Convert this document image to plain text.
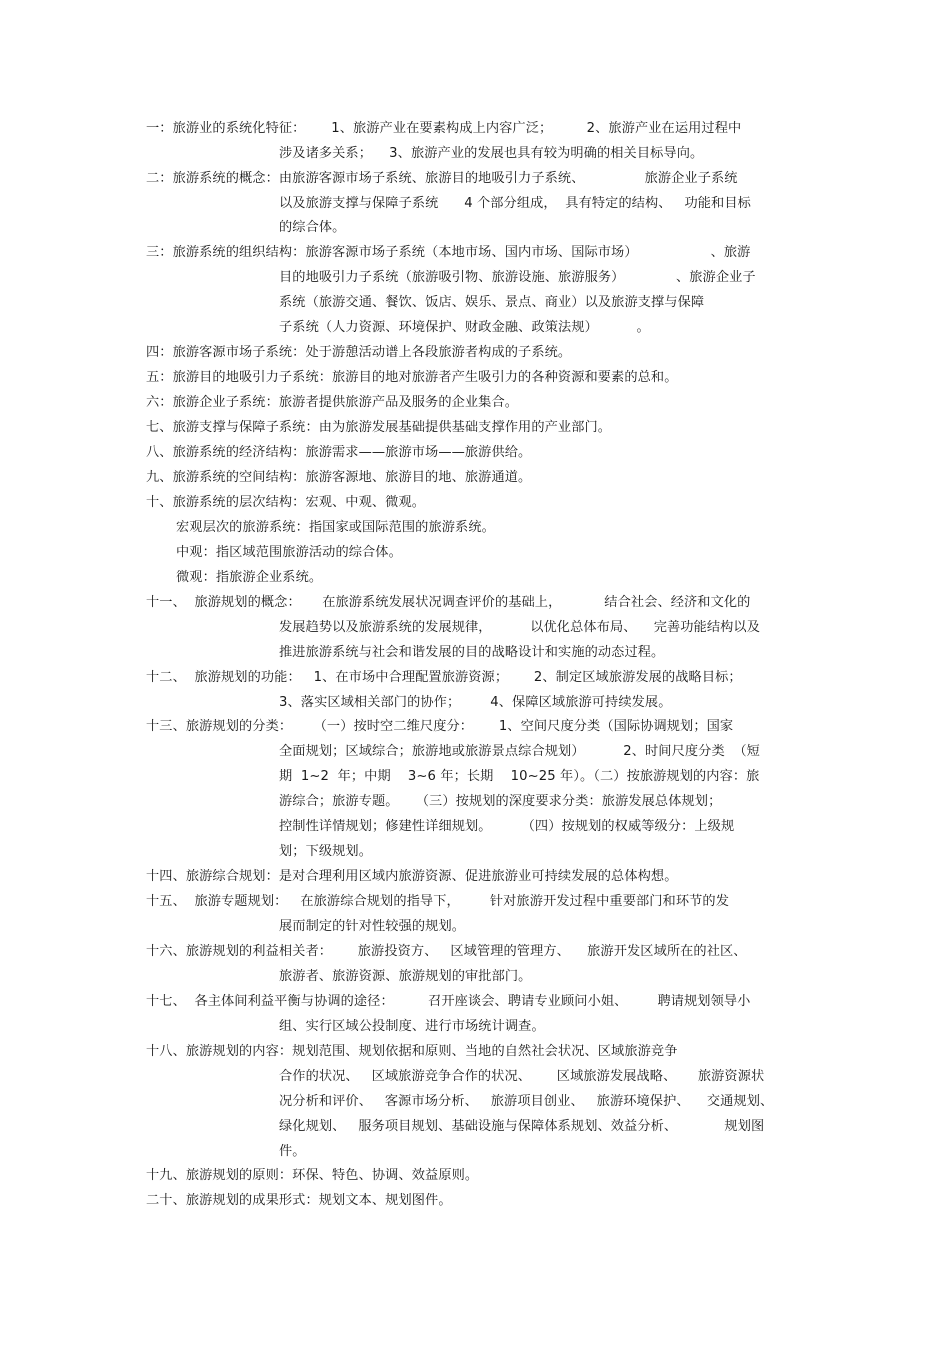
一：旅游业的系统化特征：      1、旅游产业在要素构成上内容广泛；        2、旅游产业在运用过程中
涉及诸多关系；    3、旅游产业的发展也具有较为明确的相关目标导向。
二：旅游系统的概念：由旅游客源市场子系统、旅游目的地吸引力子系统、              旅游企业子系统
以及旅游支撑与保障子系统      4 个部分组成，  具有特定的结构、   功能和目标
的综合体。
三：旅游系统的组织结构：旅游客源市场子系统（本地市场、国内市场、国际市场）                 、旅游
目的地吸引力子系统（旅游吸引物、旅游设施、旅游服务）            、旅游企业子
系统（旅游交通、餐饮、饭店、娱乐、景点、商业）以及旅游支撑与保障
子系统（人力资源、环境保护、财政金融、政策法规）         。
四：旅游客源市场子系统：处于游憩活动谱上各段旅游者构成的子系统。
五：旅游目的地吸引力子系统：旅游目的地对旅游者产生吸引力的各种资源和要素的总和。
六：旅游企业子系统：旅游者提供旅游产品及服务的企业集合。
七、旅游支撑与保障子系统：由为旅游发展基础提供基础支撑作用的产业部门。
八、旅游系统的经济结构：旅游需求——旅游市场——旅游供给。
九、旅游系统的空间结构：旅游客源地、旅游目的地、旅游通道。
十、旅游系统的层次结构：宏观、中观、微观。
宏观层次的旅游系统：指国家或国际范围的旅游系统。
中观：指区域范围旅游活动的综合体。
微观：指旅游企业系统。
十一、  旅游规划的概念：     在旅游系统发展状况调查评价的基础上，          结合社会、经济和文化的
发展趋势以及旅游系统的发展规律，         以优化总体布局、    完善功能结构以及
推进旅游系统与社会和谐发展的目的战略设计和实施的动态过程。
十二、  旅游规划的功能：   1、在市场中合理配置旅游资源；      2、制定区域旅游发展的战略目标；
3、落实区域相关部门的协作；       4、保障区域旅游可持续发展。
十三、旅游规划的分类：     （一）按时空二维尺度分：      1、空间尺度分类（国际协调规划；国家
全面规划；区域综合；旅游地或旅游景点综合规划）         2、时间尺度分类  （短
期  1~2  年；中期    3~6 年；长期    10~25 年）。（二）按旅游规划的内容：旅
游综合；旅游专题。    （三）按规划的深度要求分类：旅游发展总体规划；
控制性详情规划；修建性详细规划。       （四）按规划的权威等级分：上级规
划；下级规划。
十四、旅游综合规划：是对合理利用区域内旅游资源、促进旅游业可持续发展的总体构想。
十五、  旅游专题规划：   在旅游综合规划的指导下，       针对旅游开发过程中重要部门和环节的发
展而制定的针对性较强的规划。
十六、旅游规划的利益相关者：      旅游投资方、   区域管理的管理方、    旅游开发区域所在的社区、
旅游者、旅游资源、旅游规划的审批部门。
十七、  各主体间利益平衡与协调的途径：        召开座谈会、聘请专业顾问小姐、       聘请规划领导小
组、实行区域公投制度、进行市场统计调查。
十八、旅游规划的内容：规划范围、规划依据和原则、当地的自然社会状况、区域旅游竞争
合作的状况、   区域旅游竞争合作的状况、      区域旅游发展战略、     旅游资源状
况分析和评价、   客源市场分析、   旅游项目创业、   旅游环境保护、    交通规划、
绿化规划、   服务项目规划、基础设施与保障体系规划、效益分析、           规划图
件。
十九、旅游规划的原则：环保、特色、协调、效益原则。
二十、旅游规划的成果形式：规划文本、规划图件。
